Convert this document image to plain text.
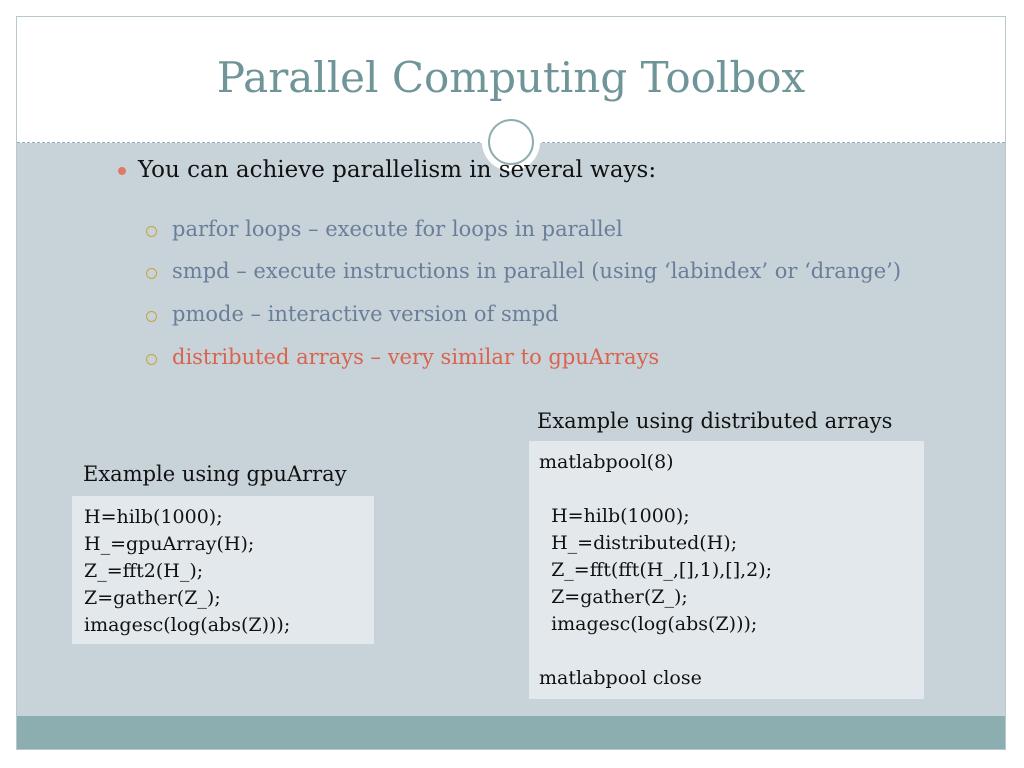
Parallel Computing Toolbox
You can achieve parallelism in several ways:
parfor loops – execute for loops in parallel
smpd – execute instructions in parallel (using ‘labindex’ or ‘drange’)
pmode – interactive version of smpd
distributed arrays – very similar to gpuArrays
Example using gpuArray
H=hilb(1000);
H_=gpuArray(H);
Z_=fft2(H_);
Z=gather(Z_);
imagesc(log(abs(Z)));
Example using distributed arrays
matlabpool(8)

H=hilb(1000);
H_=distributed(H);
Z_=fft(fft(H_,[],1),[],2);
Z=gather(Z_);
imagesc(log(abs(Z)));

matlabpool close
